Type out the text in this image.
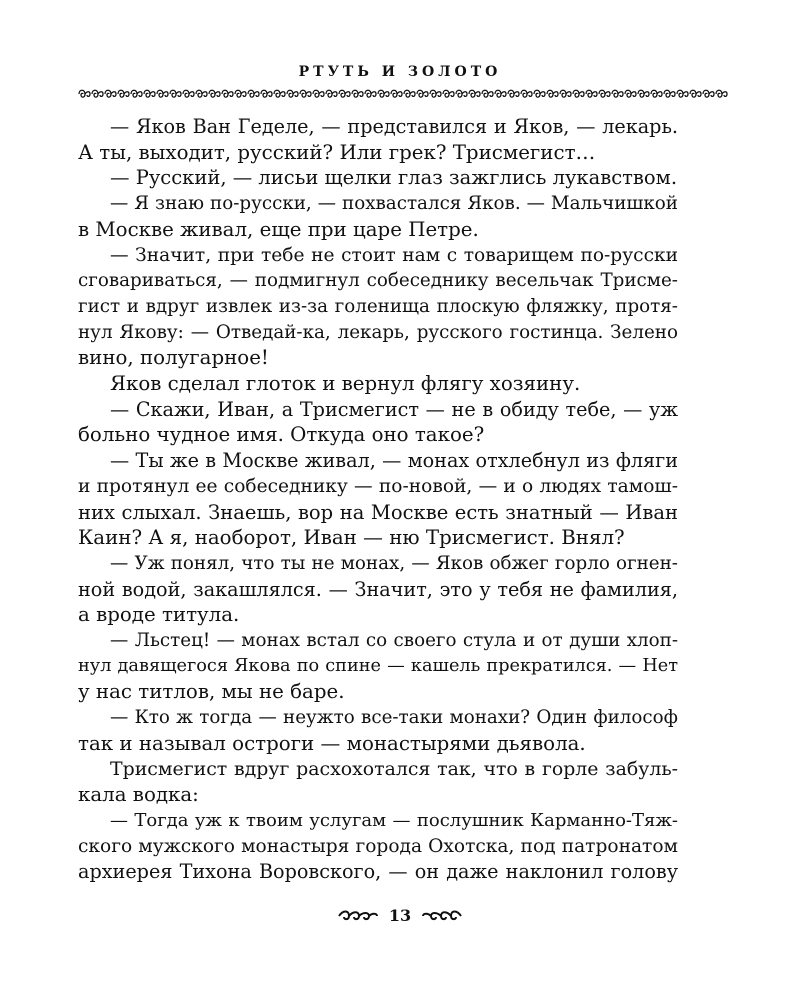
РТУТЬ И ЗОЛОТО
— Яков Ван Геделе, — представился и Яков, — лекарь.
А ты, выходит, русский? Или грек? Трисмегист…
— Русский, — лисьи щелки глаз зажглись лукавством.
— Я знаю по-русски, — похвастался Яков. — Мальчишкой
в Москве живал, еще при царе Петре.
— Значит, при тебе не стоит нам с товарищем по-русски
сговариваться, — подмигнул собеседнику весельчак Трисме-
гист и вдруг извлек из-за голенища плоскую фляжку, протя-
нул Якову: — Отведай-ка, лекарь, русского гостинца. Зелено
вино, полугарное!
Яков сделал глоток и вернул флягу хозяину.
— Скажи, Иван, а Трисмегист — не в обиду тебе, — уж
больно чудное имя. Откуда оно такое?
— Ты же в Москве живал, — монах отхлебнул из фляги
и протянул ее собеседнику — по-новой, — и о людях тамош-
них слыхал. Знаешь, вор на Москве есть знатный — Иван
Каин? А я, наоборот, Иван — ню Трисмегист. Внял?
— Уж понял, что ты не монах, — Яков обжег горло огнен-
ной водой, закашлялся. — Значит, это у тебя не фамилия,
а вроде титула.
— Льстец! — монах встал со своего стула и от души хлоп-
нул давящегося Якова по спине — кашель прекратился. — Нет
у нас титлов, мы не баре.
— Кто ж тогда — неужто все-таки монахи? Один философ
так и называл остроги — монастырями дьявола.
Трисмегист вдруг расхохотался так, что в горле забуль-
кала водка:
— Тогда уж к твоим услугам — послушник Карманно-Тяж-
ского мужского монастыря города Охотска, под патронатом
архиерея Тихона Воровского, — он даже наклонил голову
13
